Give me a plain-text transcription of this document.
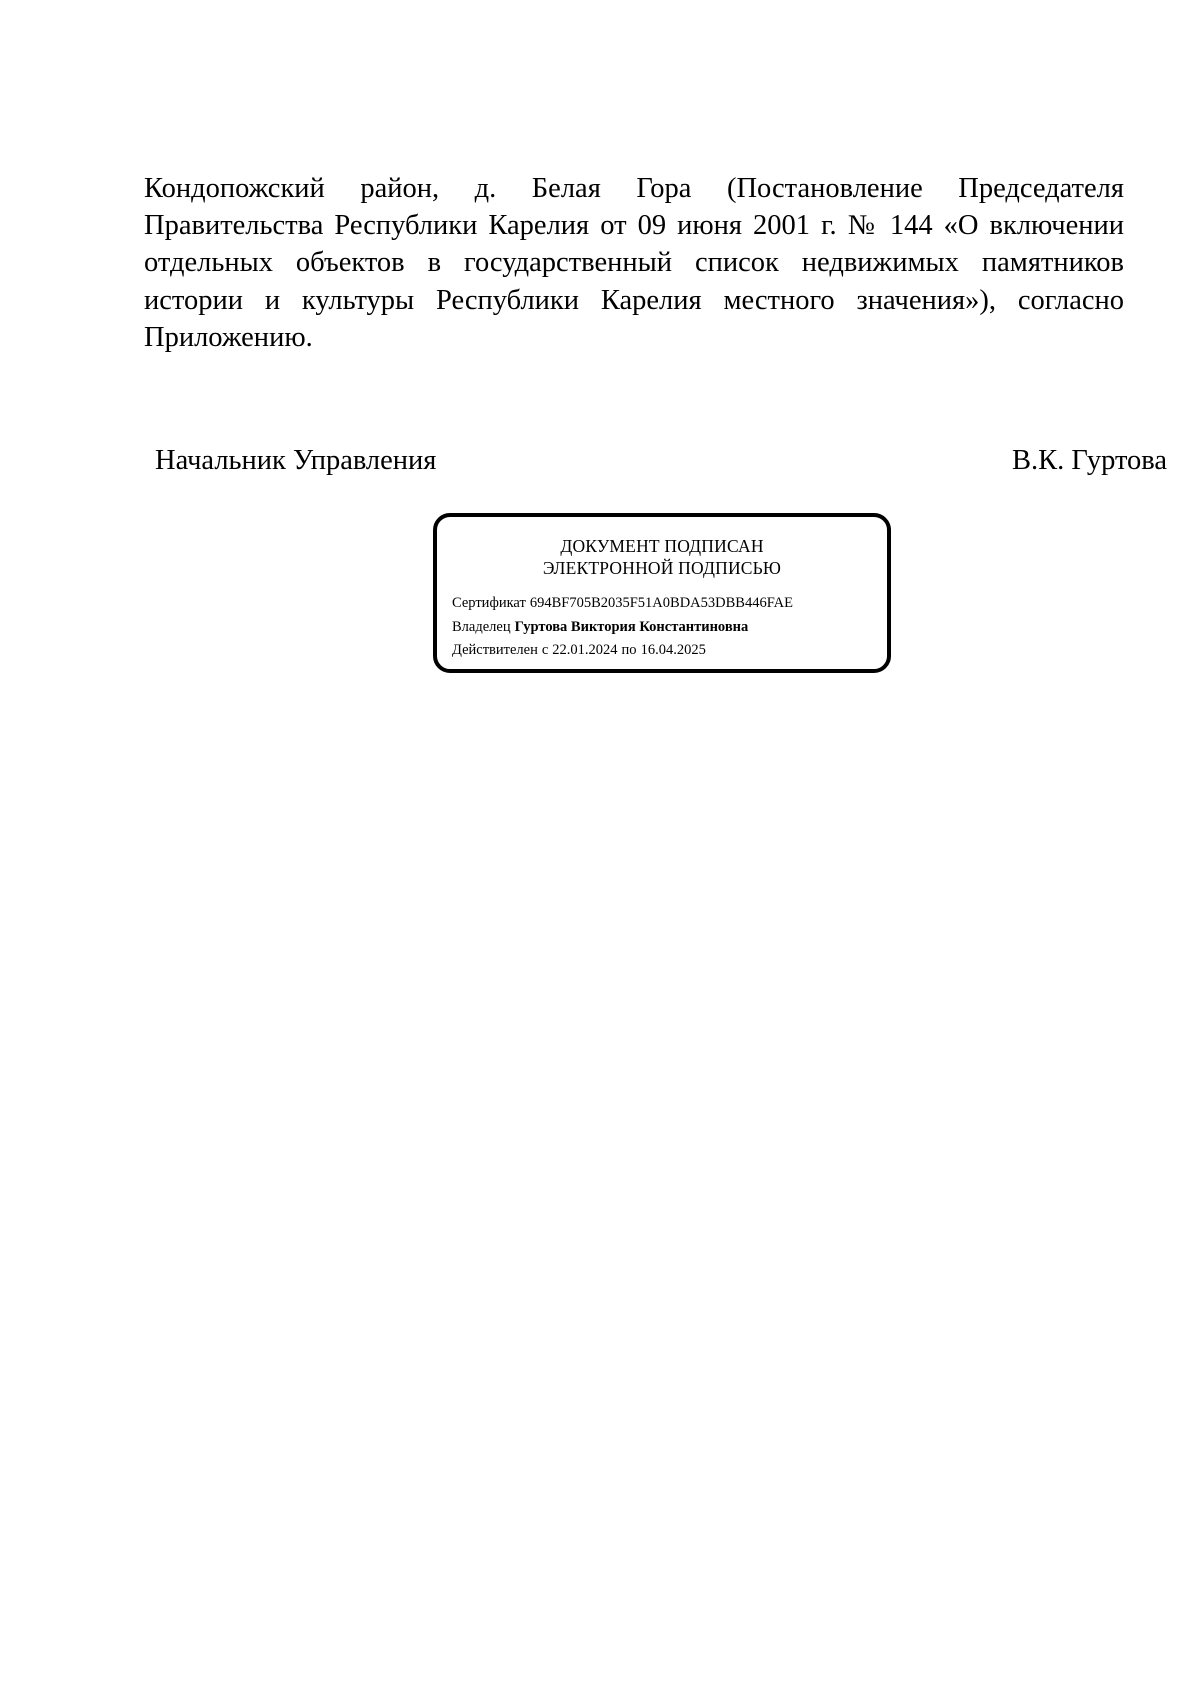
Кондопожский район, д. Белая Гора (Постановление Председателя Правительства Республики Карелия от 09 июня 2001 г. № 144 «О включении отдельных объектов в государственный список недвижимых памятников истории и культуры Республики Карелия местного значения»), согласно Приложению.

Начальник Управления	В.К. Гуртова
ДОКУМЕНТ ПОДПИСАН
ЭЛЕКТРОННОЙ ПОДПИСЬЮ
Сертификат 694BF705B2035F51A0BDA53DBB446FAE
Владелец Гуртова Виктория Константиновна
Действителен с 22.01.2024 по 16.04.2025
